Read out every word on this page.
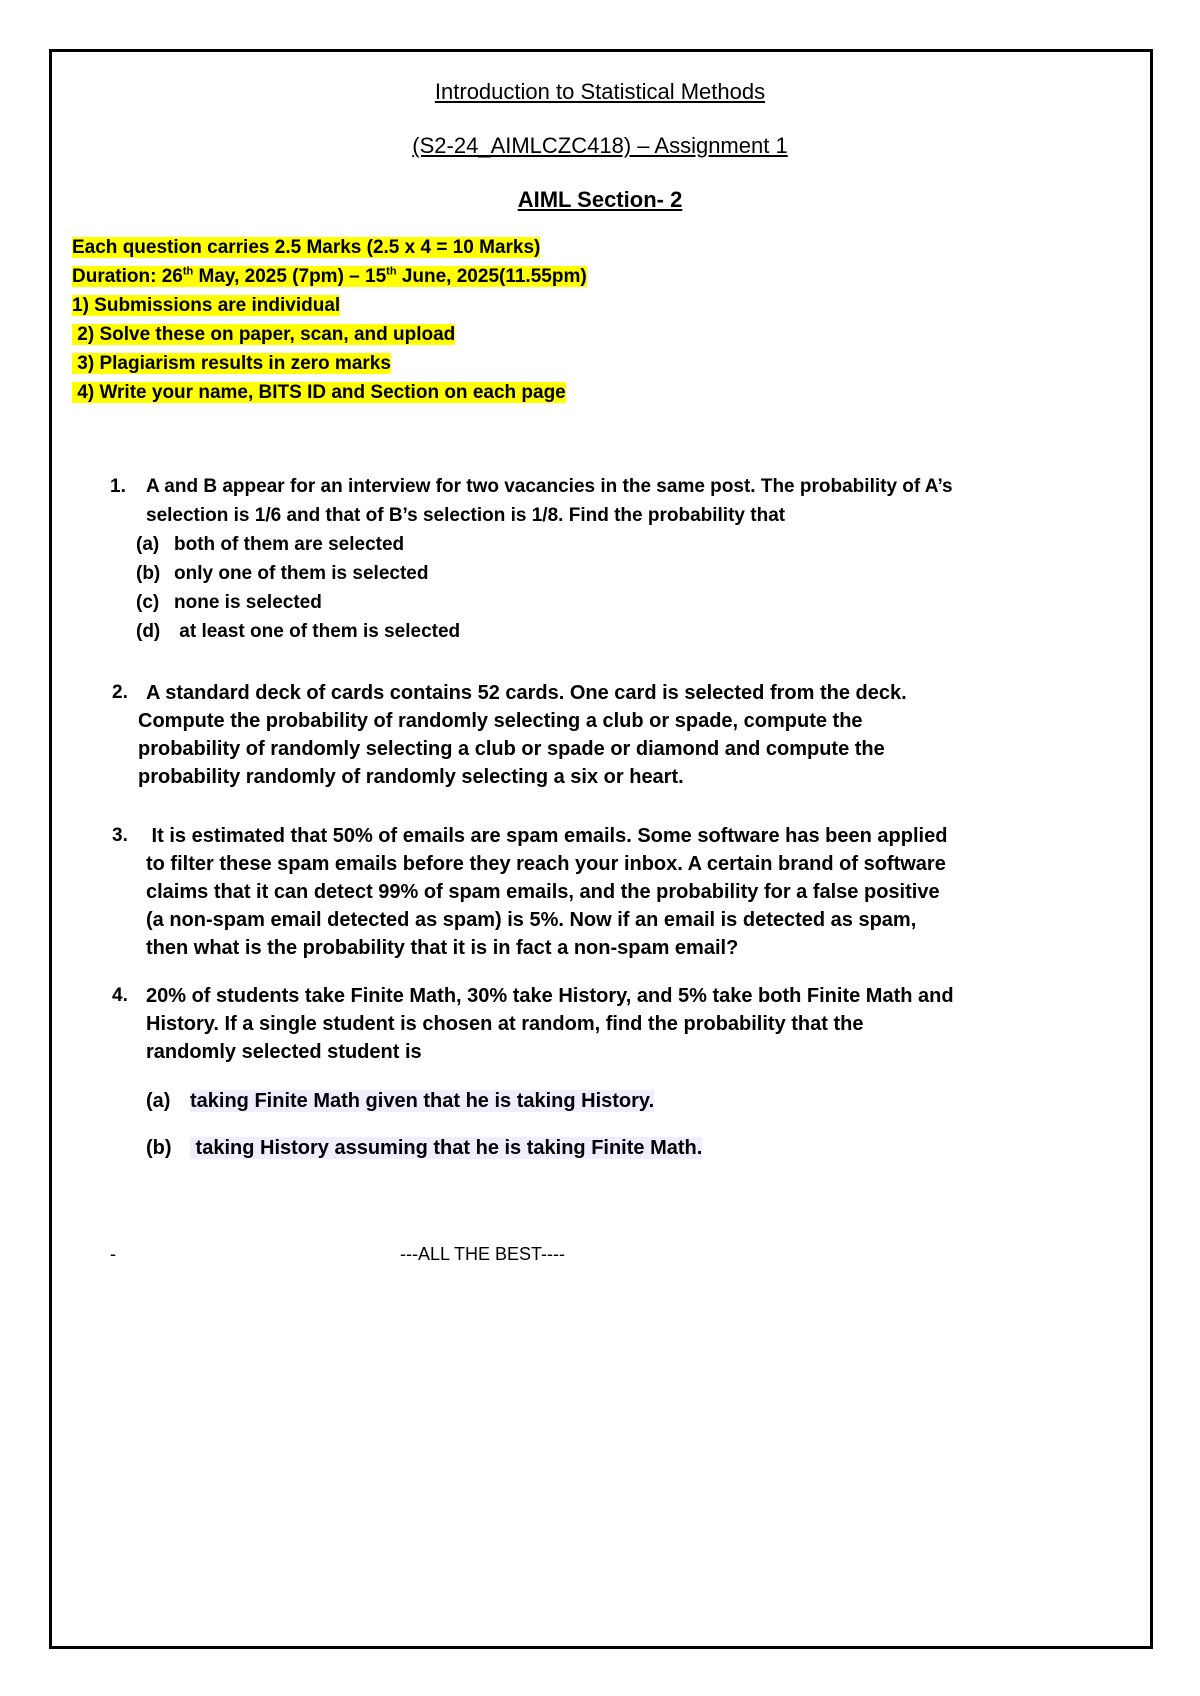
Introduction to Statistical Methods
(S2-24_AIMLCZC418) – Assignment 1
AIML Section- 2
Each question carries 2.5 Marks (2.5 x 4 = 10 Marks)
Duration: 26th May, 2025 (7pm) – 15th June, 2025(11.55pm)
1) Submissions are individual
2) Solve these on paper, scan, and upload
3) Plagiarism results in zero marks
4) Write your name, BITS ID and Section on each page
1. A and B appear for an interview for two vacancies in the same post. The probability of A’s
selection is 1/6 and that of B’s selection is 1/8. Find the probability that
(a) both of them are selected
(b) only one of them is selected
(c) none is selected
(d) at least one of them is selected
2. A standard deck of cards contains 52 cards. One card is selected from the deck.
Compute the probability of randomly selecting a club or spade, compute the
probability of randomly selecting a club or spade or diamond and compute the
probability randomly of randomly selecting a six or heart.
3. It is estimated that 50% of emails are spam emails. Some software has been applied
to filter these spam emails before they reach your inbox. A certain brand of software
claims that it can detect 99% of spam emails, and the probability for a false positive
(a non-spam email detected as spam) is 5%. Now if an email is detected as spam,
then what is the probability that it is in fact a non-spam email?
4. 20% of students take Finite Math, 30% take History, and 5% take both Finite Math and
History. If a single student is chosen at random, find the probability that the
randomly selected student is
(a) taking Finite Math given that he is taking History.
(b) taking History assuming that he is taking Finite Math.
-	---ALL THE BEST----
